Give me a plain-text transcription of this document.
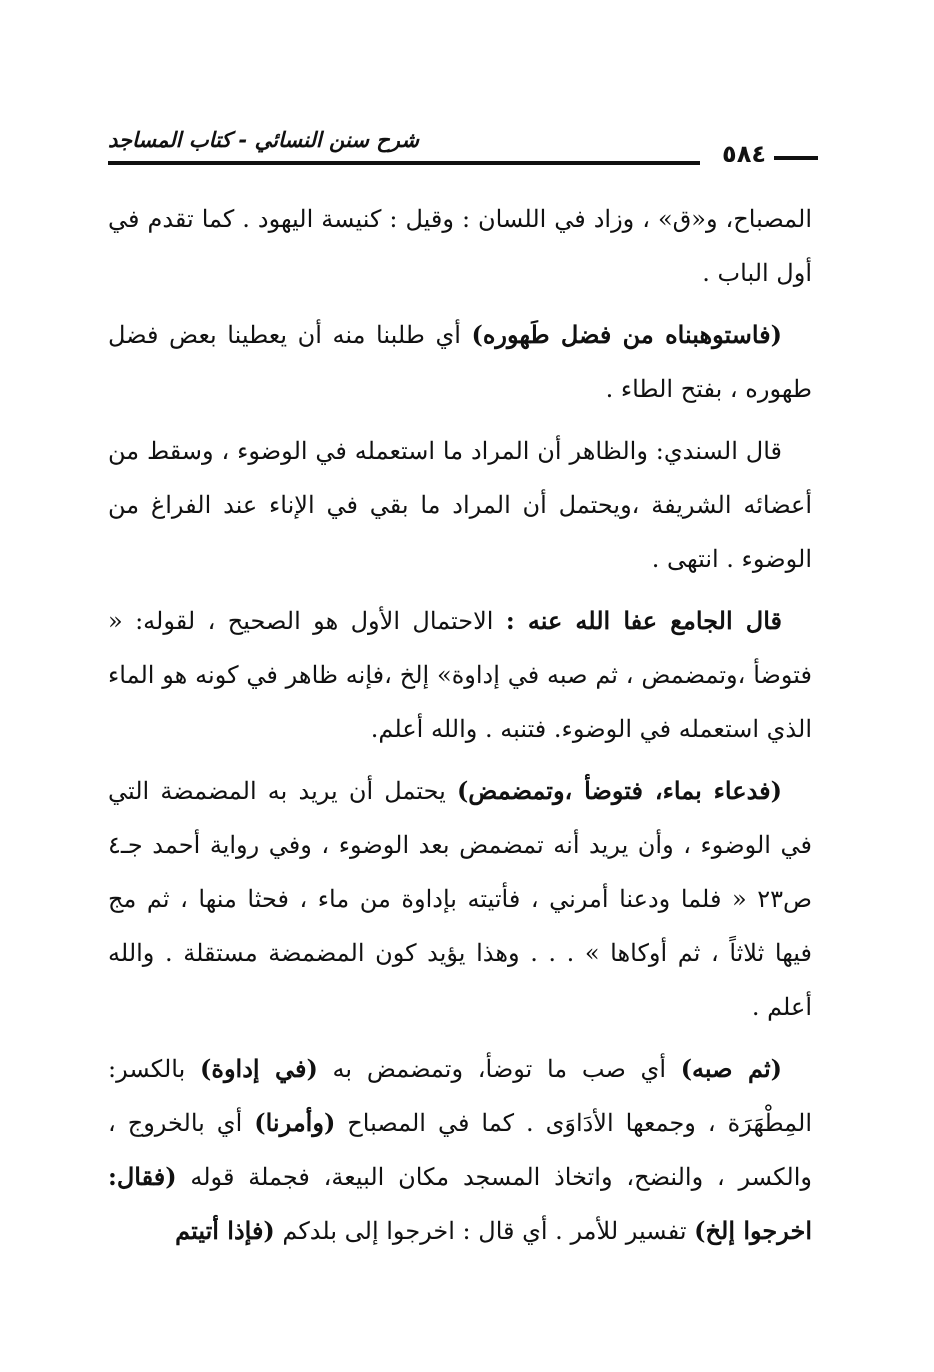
شرح سنن النسائي - كتاب المساجد	٥٨٤

المصباح، و«ق» ، وزاد في اللسان : وقيل : كنيسة اليهود . كما تقدم في أول الباب .

(فاستوهبناه من فضل طَهوره) أي طلبنا منه أن يعطينا بعض فضل طهوره ، بفتح الطاء .

قال السندي: والظاهر أن المراد ما استعمله في الوضوء ، وسقط من أعضائه الشريفة ،ويحتمل أن المراد ما بقي في الإناء عند الفراغ من الوضوء . انتهى .

قال الجامع عفا الله عنه : الاحتمال الأول هو الصحيح ، لقوله: « فتوضأ ،وتمضمض ، ثم صبه في إداوة» إلخ ،فإنه ظاهر في كونه هو الماء الذي استعمله في الوضوء. فتنبه . والله أعلم.

(فدعاء بماء، فتوضأ ،وتمضمض) يحتمل أن يريد به المضمضة التي في الوضوء ، وأن يريد أنه تمضمض بعد الوضوء ، وفي رواية أحمد جـ٤ ص٢٣ « فلما ودعنا أمرني ، فأتيته بإداوة من ماء ، فحثا منها ، ثم مج فيها ثلاثاً ، ثم أوكاها » . . . وهذا يؤيد كون المضمضة مستقلة . والله أعلم .

(ثم صبه) أي صب ما توضأ، وتمضمض به (في إداوة) بالكسر: المِطْهَرَة ، وجمعها الأدَاوَى . كما في المصباح (وأمرنا) أي بالخروج ، والكسر ، والنضح، واتخاذ المسجد مكان البيعة، فجملة قوله (فقال: اخرجوا إلخ) تفسير للأمر . أي قال : اخرجوا إلى بلدكم (فإذا أتيتم
